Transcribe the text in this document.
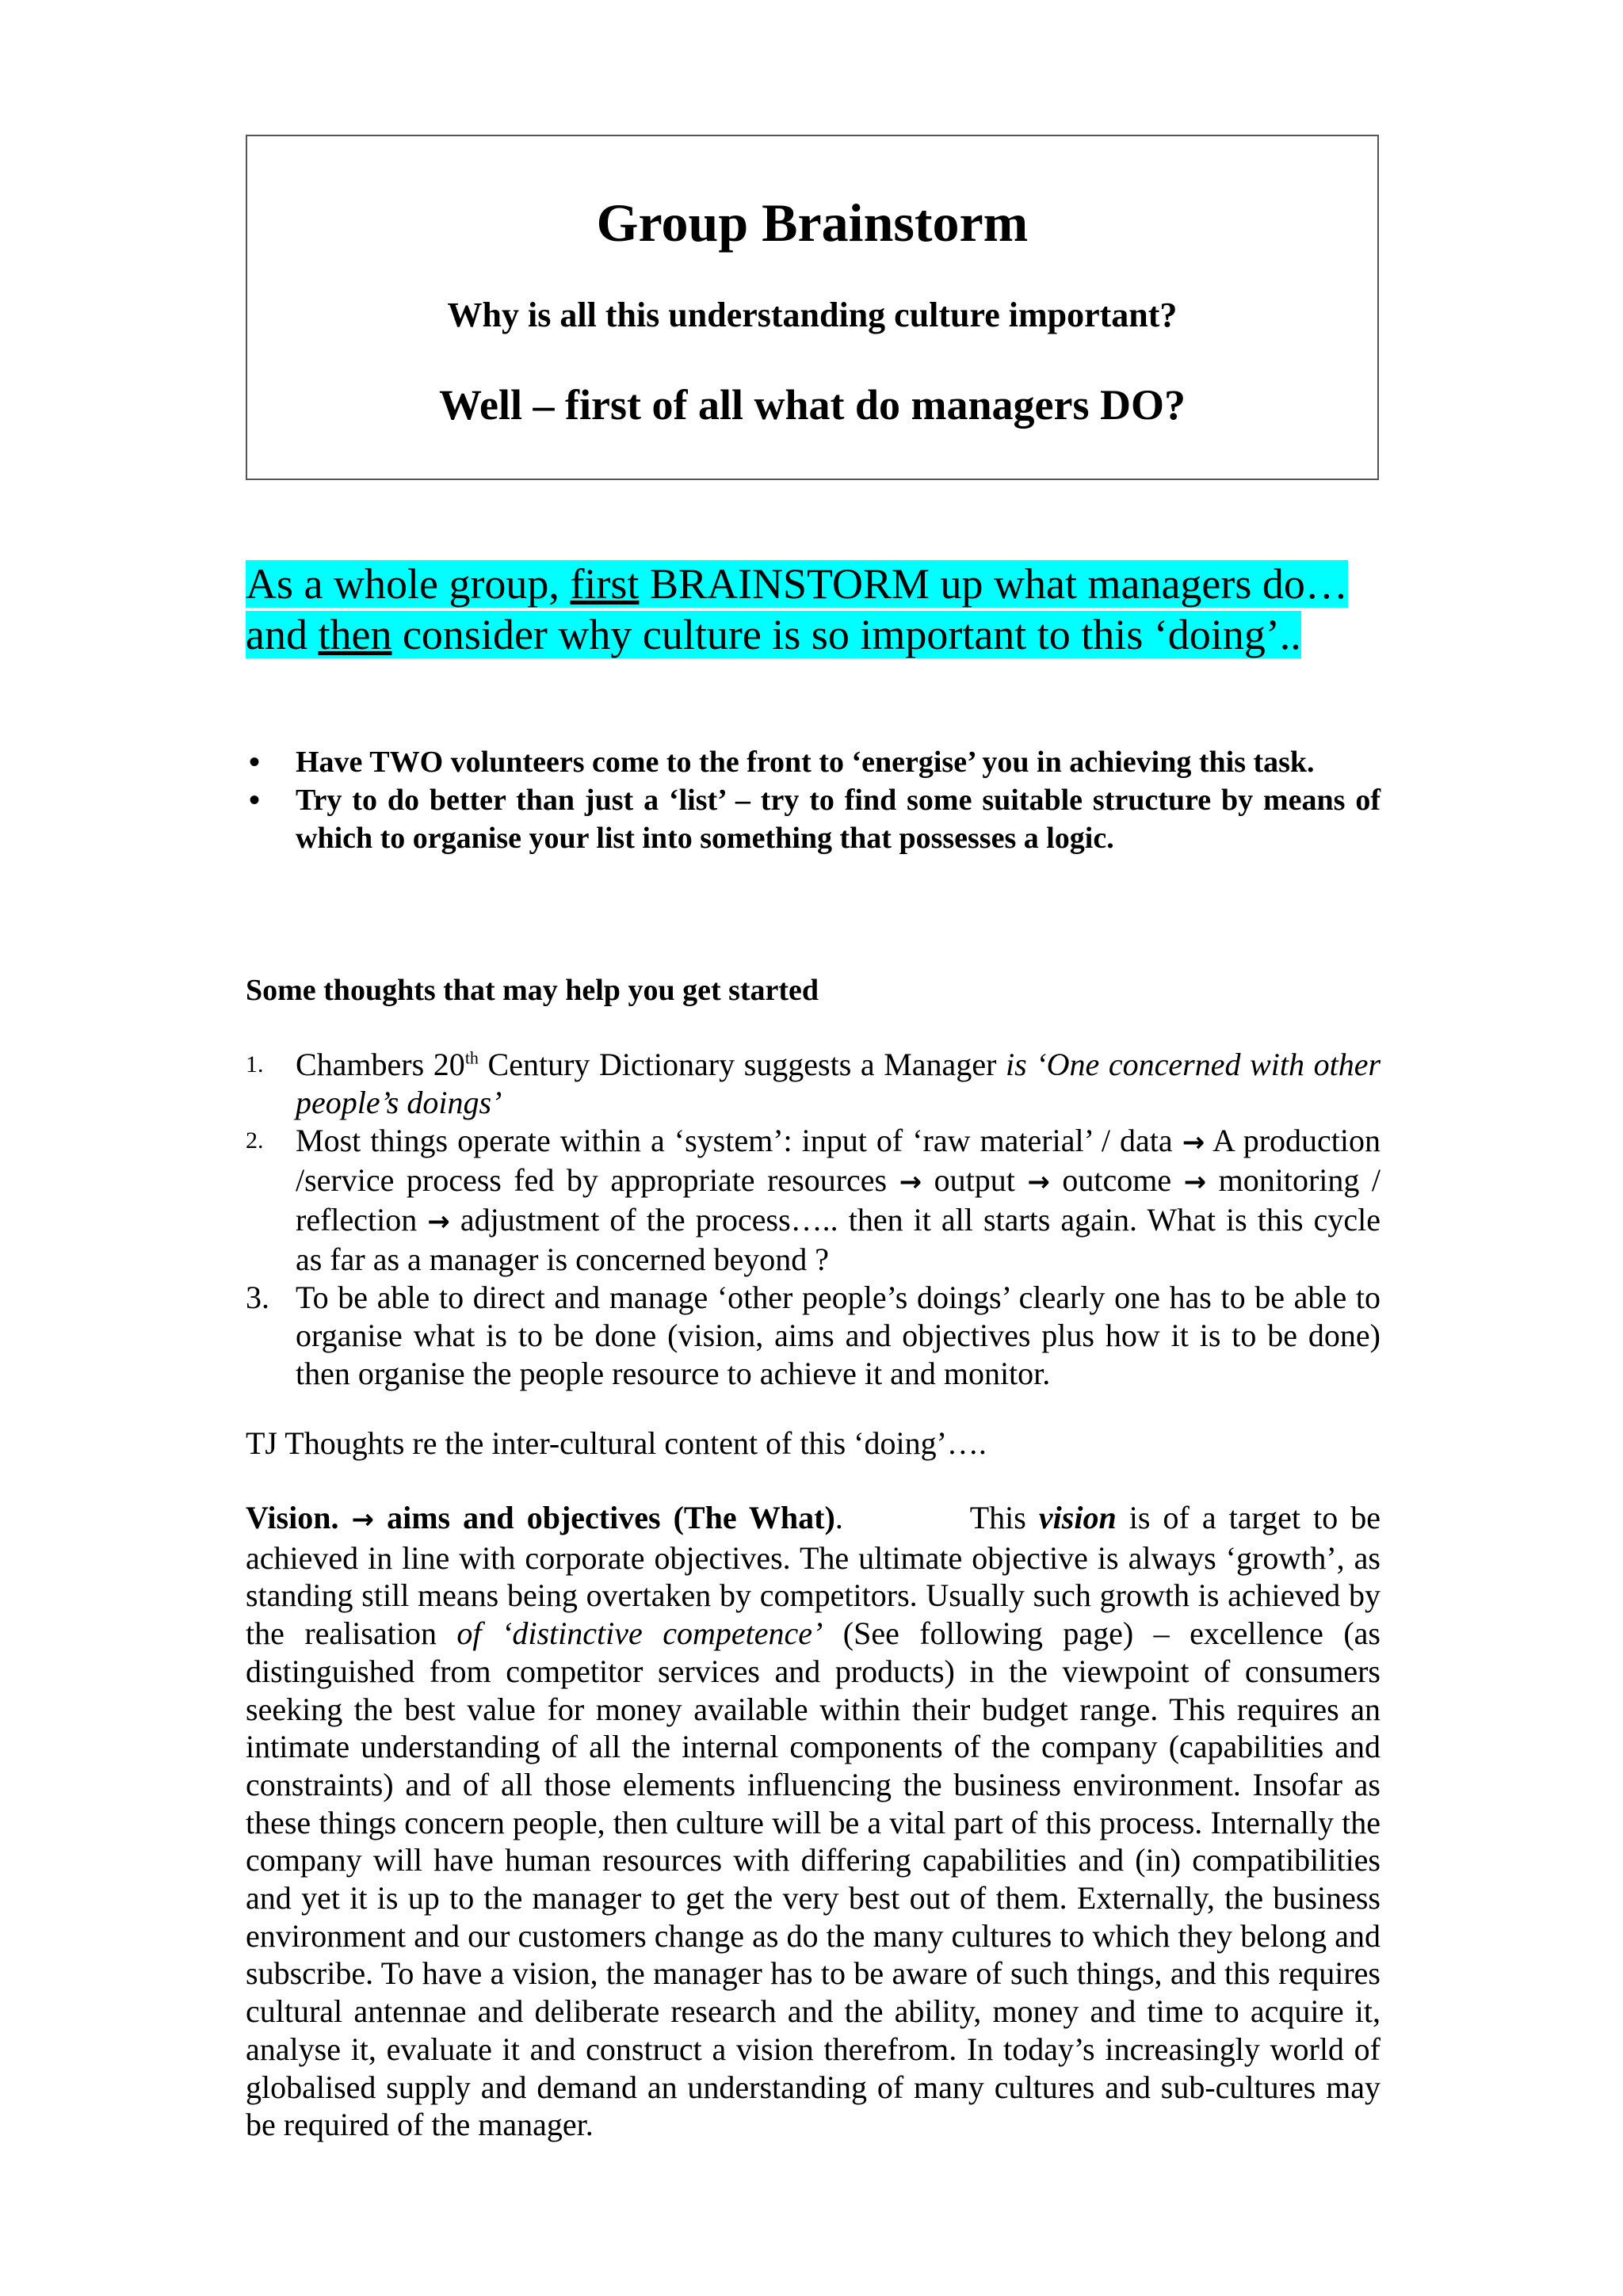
Group Brainstorm
Why is all this understanding culture important?
Well – first of all what do managers DO?
As a whole group, first BRAINSTORM up what managers do…
and then consider why culture is so important to this ‘doing’..
• Have TWO volunteers come to the front to ‘energise’ you in achieving this task.
• Try to do better than just a ‘list’ – try to find some suitable structure by means of which to organise your list into something that possesses a logic.
Some thoughts that may help you get started
1. Chambers 20th Century Dictionary suggests a Manager is ‘One concerned with other people’s doings’
2. Most things operate within a ‘system’: input of ‘raw material’ / data → A production /service process fed by appropriate resources → output → outcome → monitoring / reflection → adjustment of the process….. then it all starts again. What is this cycle as far as a manager is concerned beyond ?
3. To be able to direct and manage ‘other people’s doings’ clearly one has to be able to organise what is to be done (vision, aims and objectives plus how it is to be done) then organise the people resource to achieve it and monitor.
TJ Thoughts re the inter-cultural content of this ‘doing’….

Vision. → aims and objectives (The What).          This vision is of a target to be achieved in line with corporate objectives. The ultimate objective is always ‘growth’, as standing still means being overtaken by competitors. Usually such growth is achieved by the realisation of ‘distinctive competence’ (See following page) – excellence (as distinguished from competitor services and products) in the viewpoint of consumers seeking the best value for money available within their budget range. This requires an intimate understanding of all the internal components of the company (capabilities and constraints) and of all those elements influencing the business environment. Insofar as these things concern people, then culture will be a vital part of this process. Internally the company will have human resources with differing capabilities and (in) compatibilities and yet it is up to the manager to get the very best out of them. Externally, the business environment and our customers change as do the many cultures to which they belong and subscribe. To have a vision, the manager has to be aware of such things, and this requires cultural antennae and deliberate research and the ability, money and time to acquire it, analyse it, evaluate it and construct a vision therefrom. In today’s increasingly world of globalised supply and demand an understanding of many cultures and sub-cultures may be required of the manager.
